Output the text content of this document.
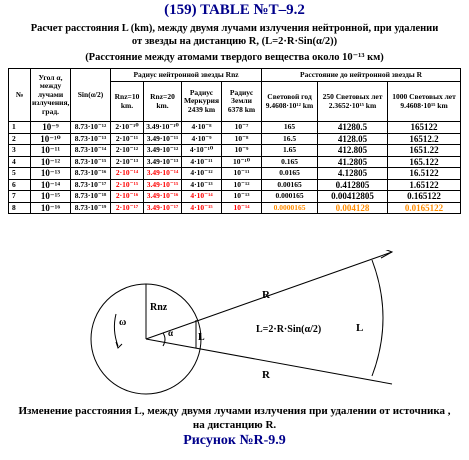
(159) TABLE №T–9.2
Расчет расстояния L (km), между двумя лучами излучения нейтронной, при удалении
от звезды на дистанцию R, (L=2·R·Sin(α/2))
(Расстояние между атомами твердого вещества около 10⁻¹³ км)
№	Угол α, между лучами излучения, град.	Sin(α/2)	Радиус нейтронной звезды Rnz				Расстояние до нейтронной звезды R		
			Rnz=10 km.	Rnz=20 km.	Радиус Меркурия 2439 km	Радиус Земли 6378 km	Световой год 9.4608·10¹² km	250 Световых лет 2.3652·10¹⁵ km	1000 Световых лет 9.4608·10¹⁵ km
1	10⁻⁹	8.73·10⁻¹²	2·10⁻¹⁰	3.49·10⁻¹⁰	4·10⁻⁸	10⁻⁷	165	41280.5	165122
2	10⁻¹⁰	8.73·10⁻¹³	2·10⁻¹¹	3.49·10⁻¹¹	4·10⁻⁹	10⁻⁸	16.5	4128.05	16512.2
3	10⁻¹¹	8.73·10⁻¹⁴	2·10⁻¹²	3.49·10⁻¹²	4·10⁻¹⁰	10⁻⁹	1.65	412.805	1651.22
4	10⁻¹²	8.73·10⁻¹⁵	2·10⁻¹³	3.49·10⁻¹³	4·10⁻¹¹	10⁻¹⁰	0.165	41.2805	165.122
5	10⁻¹³	8.73·10⁻¹⁶	2·10⁻¹⁴	3.49·10⁻¹⁴	4·10⁻¹²	10⁻¹¹	0.0165	4.12805	16.5122
6	10⁻¹⁴	8.73·10⁻¹⁷	2·10⁻¹⁵	3.49·10⁻¹⁵	4·10⁻¹³	10⁻¹²	0.00165	0.412805	1.65122
7	10⁻¹⁵	8.73·10⁻¹⁸	2·10⁻¹⁶	3.49·10⁻¹⁶	4·10⁻¹⁴	10⁻¹³	0.000165	0.00412805	0.165122
8	10⁻¹⁶	8.73·10⁻¹⁹	2·10⁻¹⁷	3.49·10⁻¹⁷	4·10⁻¹⁵	10⁻¹⁴	0.0000165	0.004128	0.0165122
Rnz
ω
α L
R
R
L
L=2·R·Sin(α/2)
Изменение расстояния L, между двумя лучами излучения при удалении от источника ,
на дистанцию R.
Рисунок №R-9.9
